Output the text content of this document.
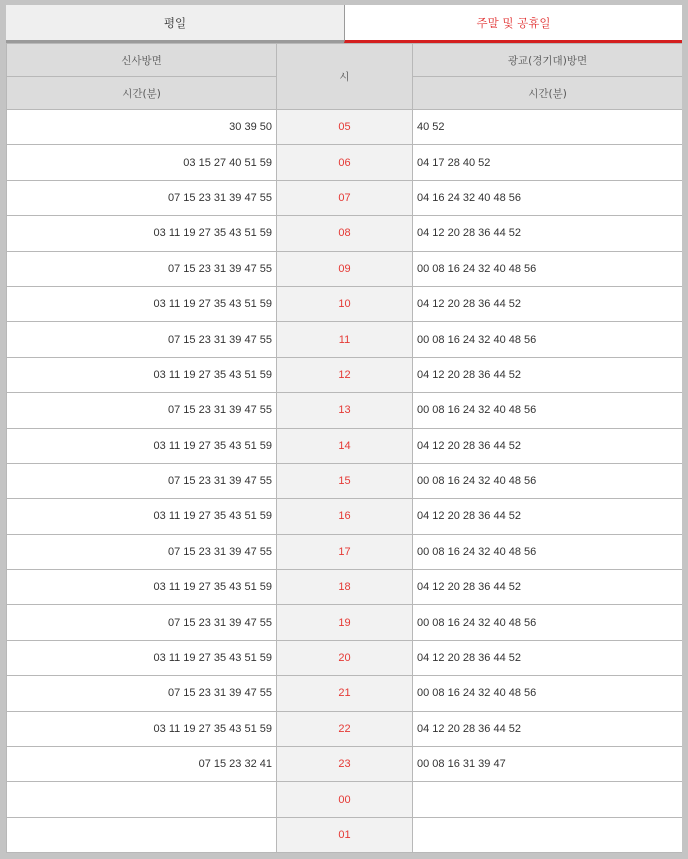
평일	주말 및 공휴일
신사방면	시	광교(경기대)방면
시간(분)		시간(분)
30 39 50	05	40 52
03 15 27 40 51 59	06	04 17 28 40 52
07 15 23 31 39 47 55	07	04 16 24 32 40 48 56
03 11 19 27 35 43 51 59	08	04 12 20 28 36 44 52
07 15 23 31 39 47 55	09	00 08 16 24 32 40 48 56
03 11 19 27 35 43 51 59	10	04 12 20 28 36 44 52
07 15 23 31 39 47 55	11	00 08 16 24 32 40 48 56
03 11 19 27 35 43 51 59	12	04 12 20 28 36 44 52
07 15 23 31 39 47 55	13	00 08 16 24 32 40 48 56
03 11 19 27 35 43 51 59	14	04 12 20 28 36 44 52
07 15 23 31 39 47 55	15	00 08 16 24 32 40 48 56
03 11 19 27 35 43 51 59	16	04 12 20 28 36 44 52
07 15 23 31 39 47 55	17	00 08 16 24 32 40 48 56
03 11 19 27 35 43 51 59	18	04 12 20 28 36 44 52
07 15 23 31 39 47 55	19	00 08 16 24 32 40 48 56
03 11 19 27 35 43 51 59	20	04 12 20 28 36 44 52
07 15 23 31 39 47 55	21	00 08 16 24 32 40 48 56
03 11 19 27 35 43 51 59	22	04 12 20 28 36 44 52
07 15 23 32 41	23	00 08 16 31 39 47
	00	
	01	
